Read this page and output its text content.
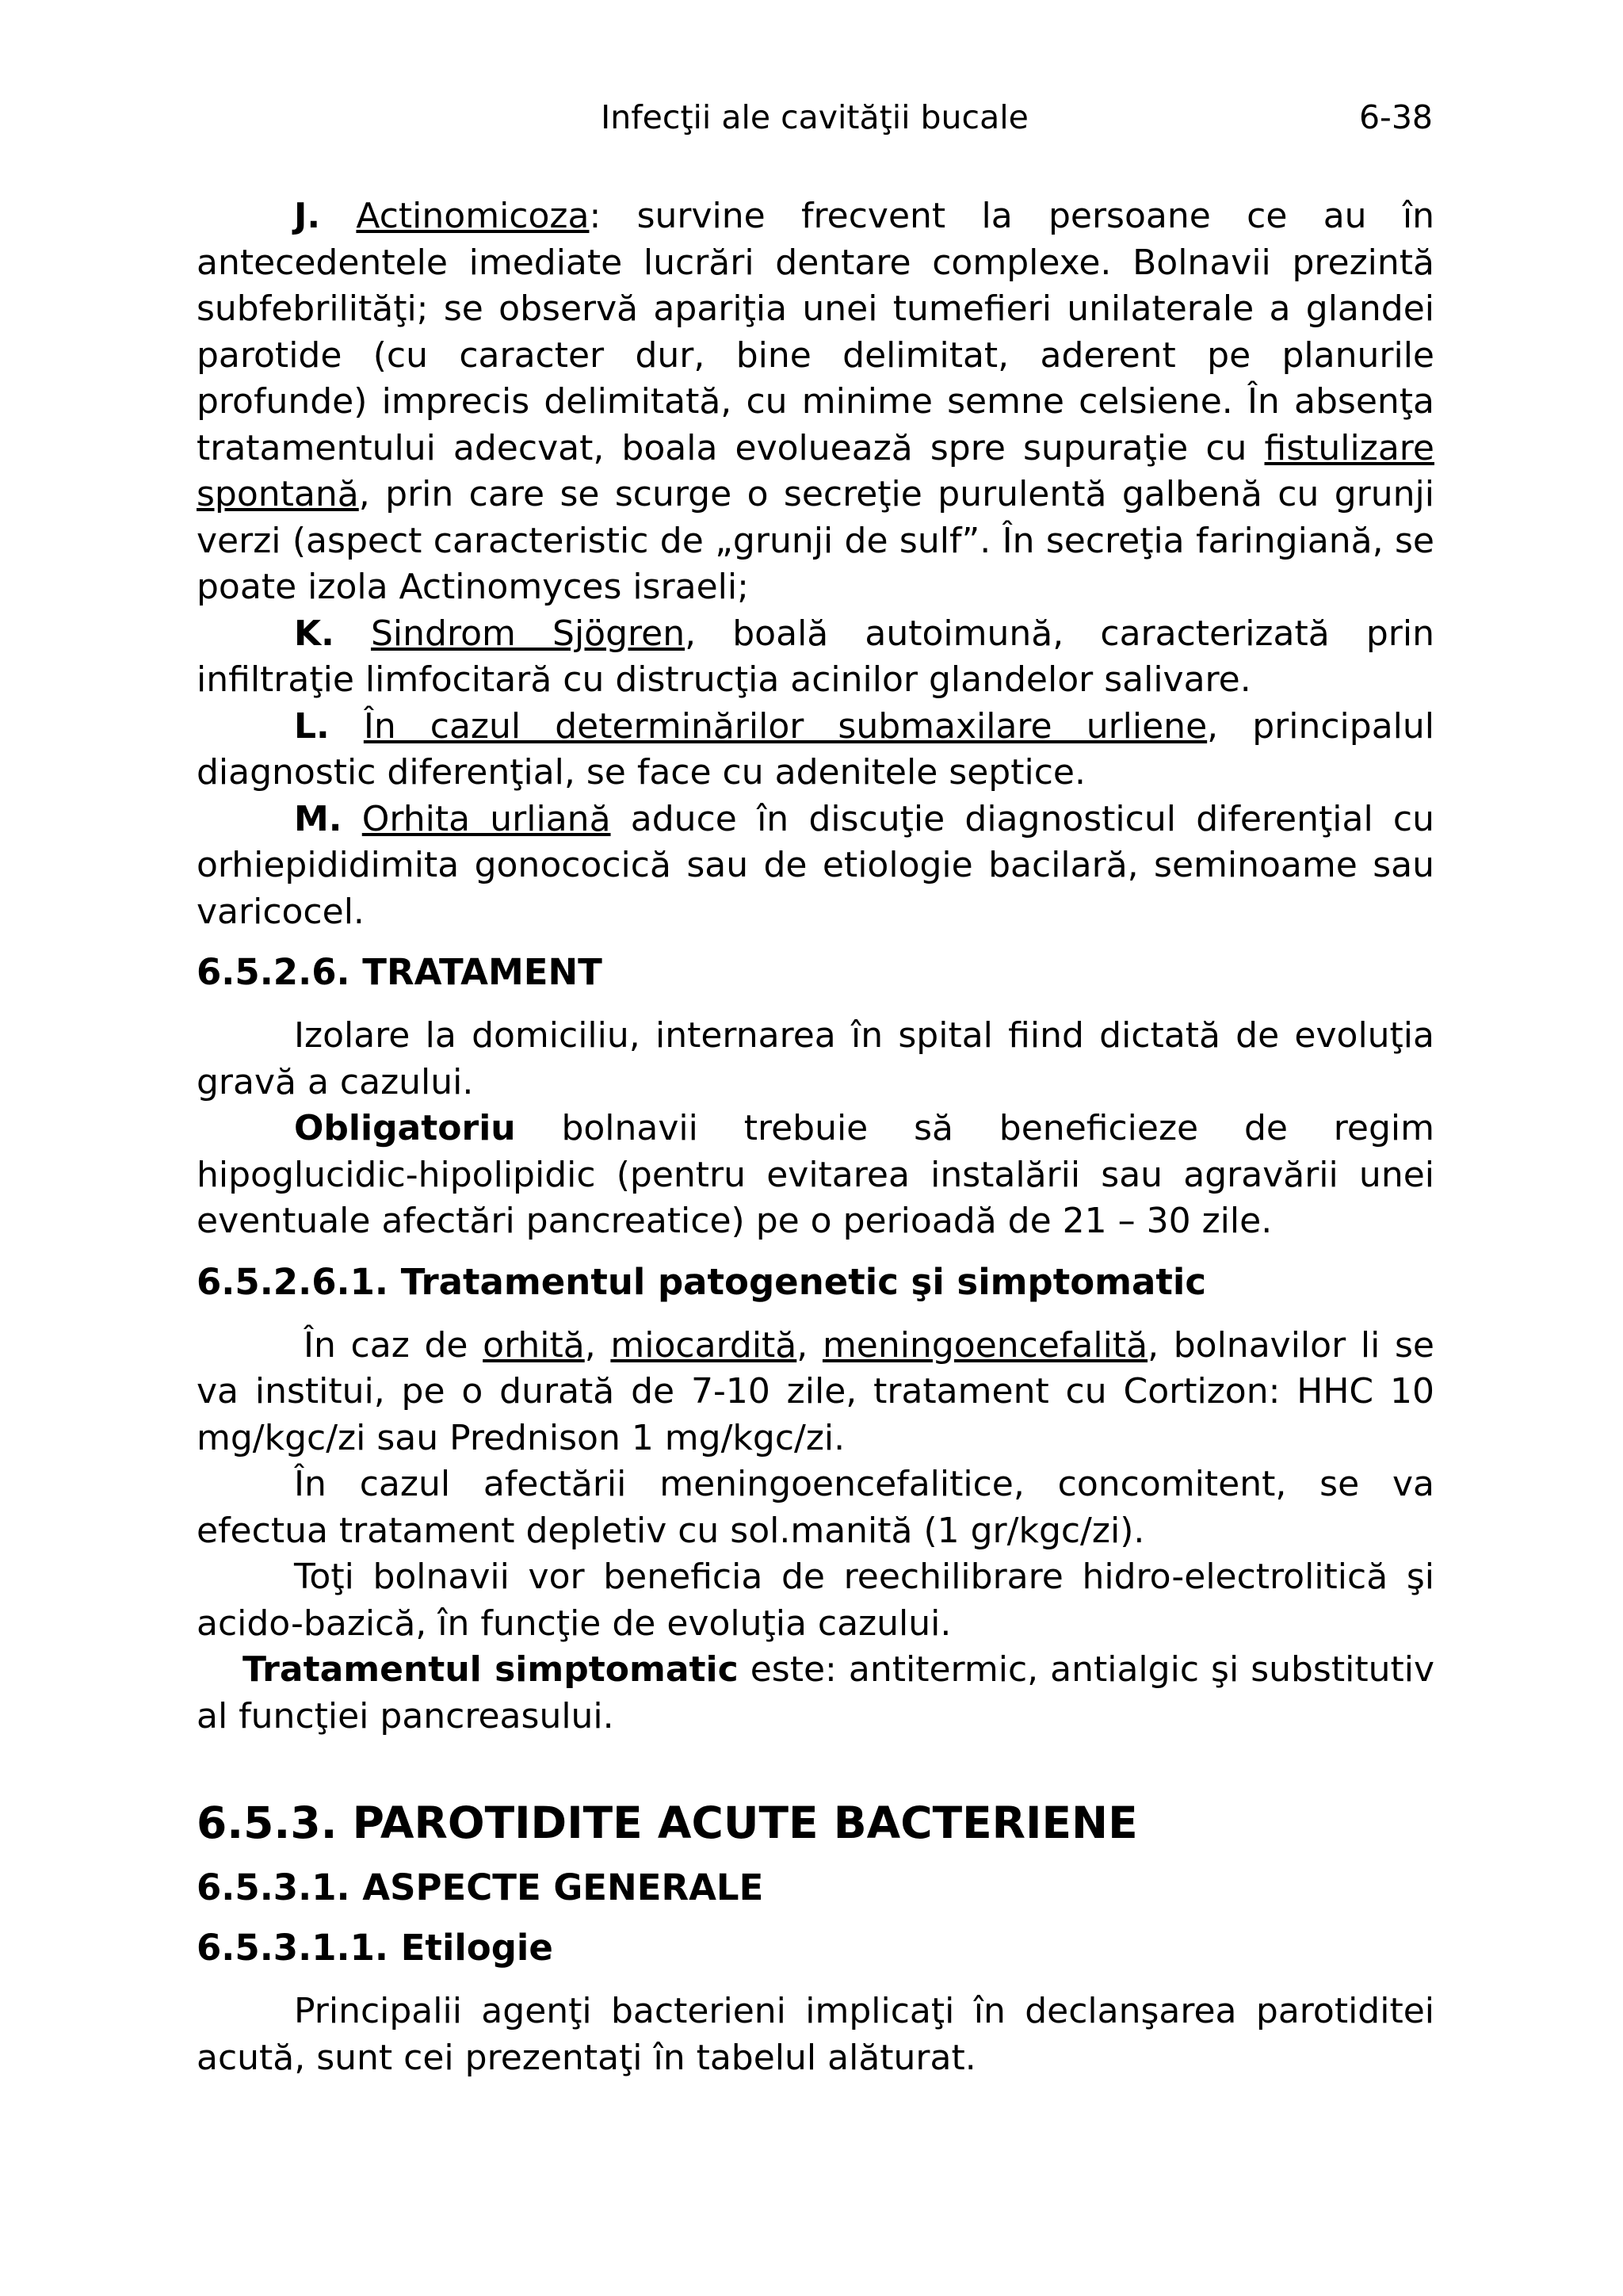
Infecţii ale cavităţii bucale	6-38

J. Actinomicoza: survine frecvent la persoane ce au în antecedentele imediate lucrări dentare complexe. Bolnavii prezintă subfebrilităţi; se observă apariţia unei tumefieri unilaterale a glandei parotide (cu caracter dur, bine delimitat, aderent pe planurile profunde) imprecis delimitată, cu minime semne celsiene. În absenţa tratamentului adecvat, boala evoluează spre supuraţie cu fistulizare spontană, prin care se scurge o secreţie purulentă galbenă cu grunji verzi (aspect caracteristic de „grunji de sulf”. În secreţia faringiană, se poate izola Actinomyces israeli;

K. Sindrom Sjögren, boală autoimună, caracterizată prin infiltraţie limfocitară cu distrucţia acinilor glandelor salivare.

L. În cazul determinărilor submaxilare urliene, principalul diagnostic diferenţial, se face cu adenitele septice.

M. Orhita urliană aduce în discuţie diagnosticul diferenţial cu orhiepididimita gonococică sau de etiologie bacilară, seminoame sau varicocel.

6.5.2.6. TRATAMENT

Izolare la domiciliu, internarea în spital fiind dictată de evoluţia gravă a cazului.

Obligatoriu bolnavii trebuie să beneficieze de regim hipoglucidic-hipolipidic (pentru evitarea instalării sau agravării unei eventuale afectări pancreatice) pe o perioadă de 21 – 30 zile.

6.5.2.6.1. Tratamentul patogenetic şi simptomatic

În caz de orhită, miocardită, meningoencefalită, bolnavilor li se va institui, pe o durată de 7-10 zile, tratament cu Cortizon: HHC 10 mg/kgc/zi sau Prednison 1 mg/kgc/zi.

În cazul afectării meningoencefalitice, concomitent, se va efectua tratament depletiv cu sol.manită (1 gr/kgc/zi).

Toţi bolnavii vor beneficia de reechilibrare hidro-electrolitică şi acido-bazică, în funcţie de evoluţia cazului.

Tratamentul simptomatic este: antitermic, antialgic şi substitutiv al funcţiei pancreasului.

6.5.3. PAROTIDITE ACUTE BACTERIENE
6.5.3.1. ASPECTE GENERALE
6.5.3.1.1. Etilogie

Principalii agenţi bacterieni implicaţi în declanşarea parotiditei acută, sunt cei prezentaţi în tabelul alăturat.
